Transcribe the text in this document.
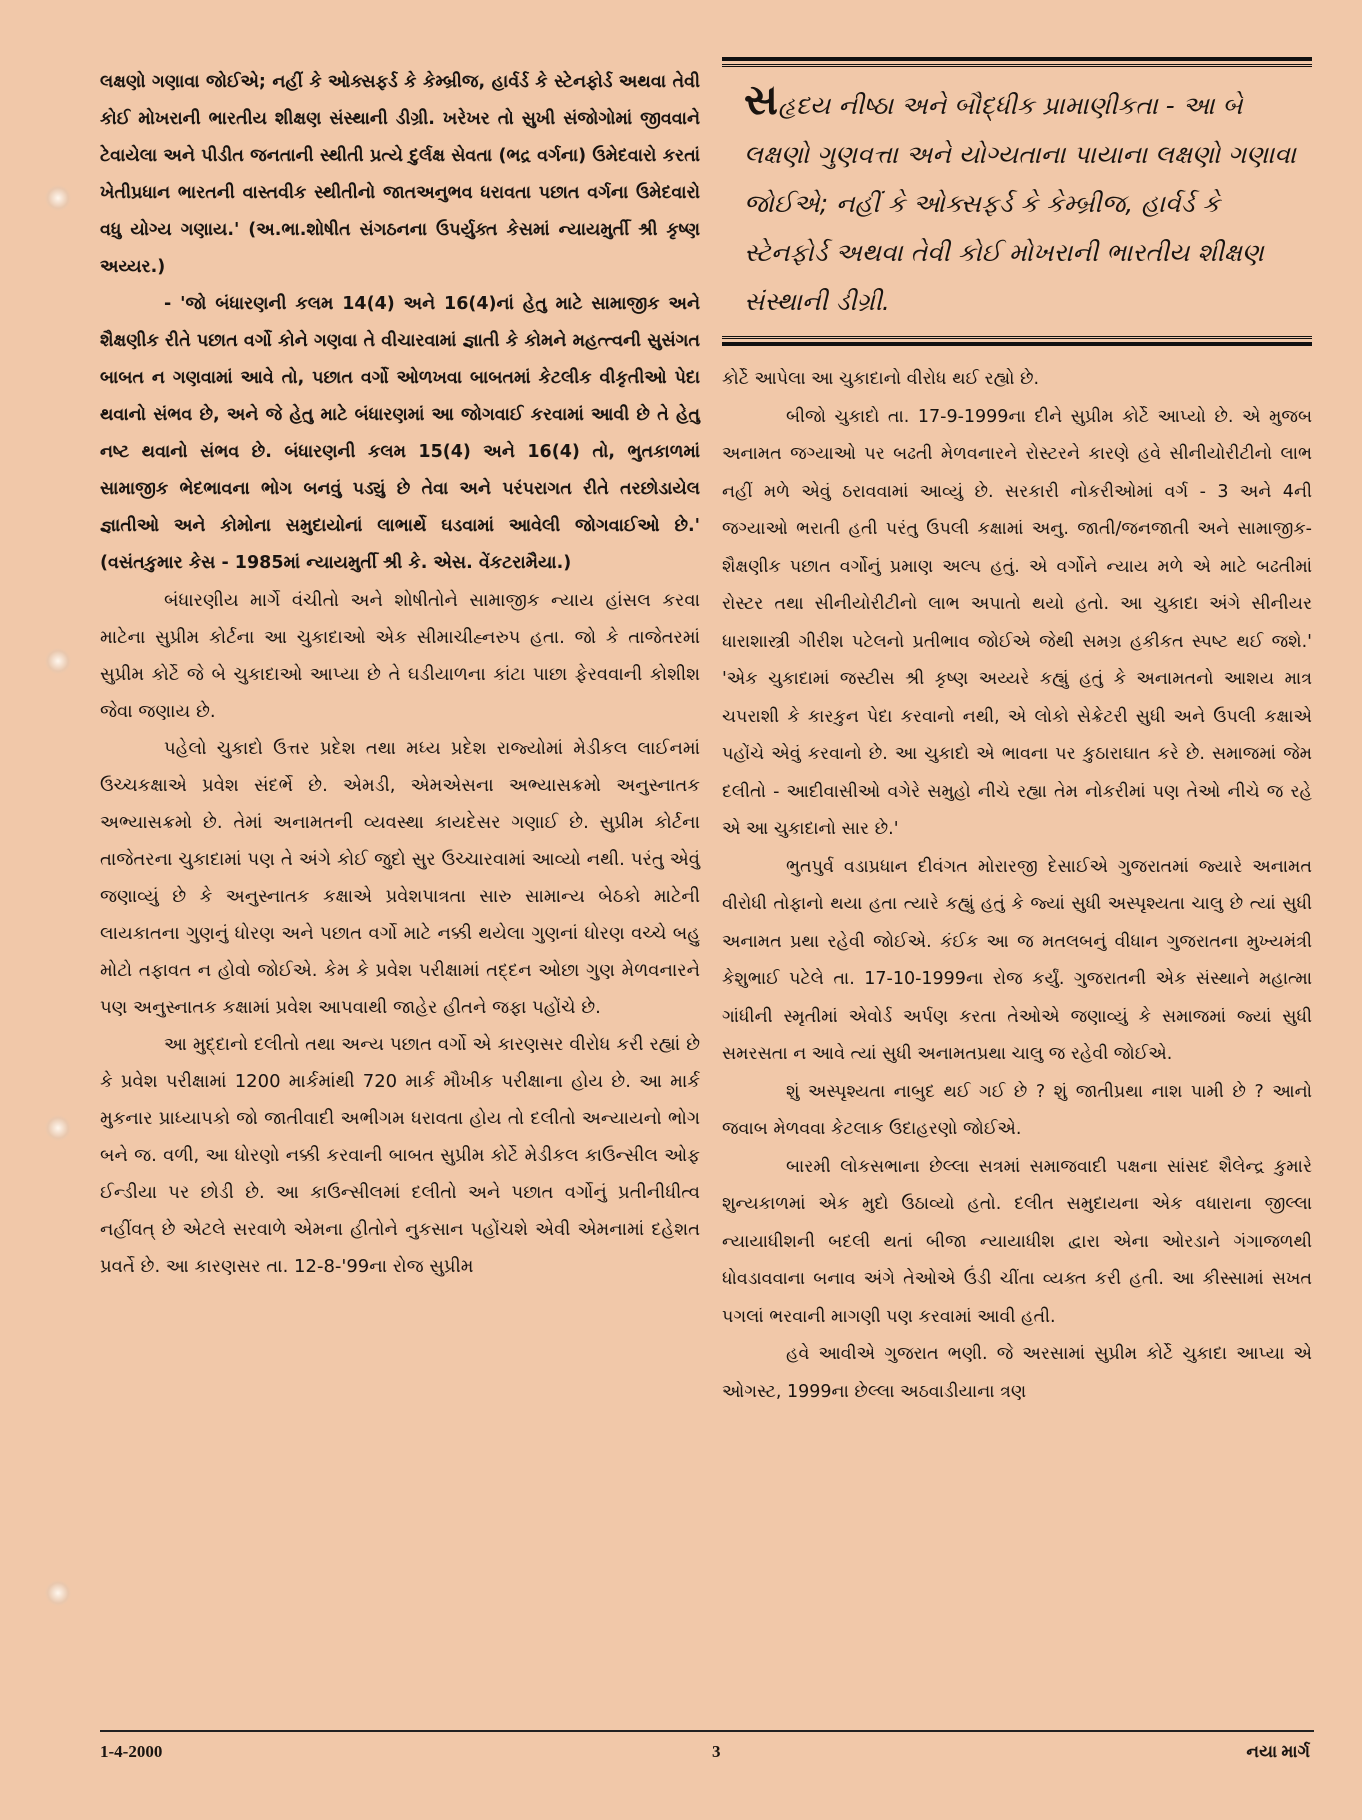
લક્ષણો ગણાવા જોઈએ; નહીં કે ઓક્સફર્ડ કે કેમ્બ્રીજ, હાર્વર્ડ કે સ્ટેનફોર્ડ અથવા તેવી કોઈ મોખરાની ભારતીય શીક્ષણ સંસ્થાની ડીગ્રી. ખરેખર તો સુખી સંજોગોમાં જીવવાને ટેવાયેલા અને પીડીત જનતાની સ્થીતી પ્રત્યે દુર્લક્ષ સેવતા (ભદ્ર વર્ગના) ઉમેદવારો કરતાં ખેતીપ્રધાન ભારતની વાસ્તવીક સ્થીતીનો જાતઅનુભવ ધરાવતા પછાત વર્ગના ઉમેદવારો વધુ યોગ્ય ગણાય.' (અ.ભા.શોષીત સંગઠનના ઉપર્યુક્ત કેસમાં ન્યાયમુર્તી શ્રી કૃષ્ણ અય્યર.)

- 'જો બંધારણની કલમ 14(4) અને 16(4)નાં હેતુ માટે સામાજીક અને શૈક્ષણીક રીતે પછાત વર્ગો કોને ગણવા તે વીચારવામાં જ્ઞાતી કે કોમને મહત્ત્વની સુસંગત બાબત ન ગણવામાં આવે તો, પછાત વર્ગો ઓળખવા બાબતમાં કેટલીક વીકૃતીઓ પેદા થવાનો સંભવ છે, અને જે હેતુ માટે બંધારણમાં આ જોગવાઈ કરવામાં આવી છે તે હેતુ નષ્ટ થવાનો સંભવ છે. બંધારણની કલમ 15(4) અને 16(4) તો, ભુતકાળમાં સામાજીક ભેદભાવના ભોગ બનવું પડ્યું છે તેવા અને પરંપરાગત રીતે તરછોડાયેલ જ્ઞાતીઓ અને કોમોના સમુદાયોનાં લાભાર્થે ઘડવામાં આવેલી જોગવાઈઓ છે.' (વસંતકુમાર કેસ - 1985માં ન્યાયમુર્તી શ્રી કે. એસ. વેંકટરામૈયા.)

બંધારણીય માર્ગે વંચીતો અને શોષીતોને સામાજીક ન્યાય હાંસલ કરવા માટેના સુપ્રીમ કોર્ટના આ ચુકાદાઓ એક સીમાચીહ્નરુપ હતા. જો કે તાજેતરમાં સુપ્રીમ કોર્ટે જે બે ચુકાદાઓ આપ્યા છે તે ઘડીયાળના કાંટા પાછા ફેરવવાની કોશીશ જેવા જણાય છે.

પહેલો ચુકાદો ઉત્તર પ્રદેશ તથા મધ્ય પ્રદેશ રાજ્યોમાં મેડીકલ લાઈનમાં ઉચ્ચકક્ષાએ પ્રવેશ સંદર્ભે છે. એમડી, એમએસના અભ્યાસક્રમો અનુસ્નાતક અભ્યાસક્રમો છે. તેમાં અનામતની વ્યવસ્થા કાયદેસર ગણાઈ છે. સુપ્રીમ કોર્ટના તાજેતરના ચુકાદામાં પણ તે અંગે કોઈ જુદો સુર ઉચ્ચારવામાં આવ્યો નથી. પરંતુ એવું જણાવ્યું છે કે અનુસ્નાતક કક્ષાએ પ્રવેશપાત્રતા સારુ સામાન્ય બેઠકો માટેની લાયકાતના ગુણનું ધોરણ અને પછાત વર્ગો માટે નક્કી થયેલા ગુણનાં ધોરણ વચ્ચે બહુ મોટો તફાવત ન હોવો જોઈએ. કેમ કે પ્રવેશ પરીક્ષામાં તદ્દન ઓછા ગુણ મેળવનારને પણ અનુસ્નાતક કક્ષામાં પ્રવેશ આપવાથી જાહેર હીતને જફા પહોંચે છે.

આ મુદ્દાનો દલીતો તથા અન્ય પછાત વર્ગો એ કારણસર વીરોધ કરી રહ્યાં છે કે પ્રવેશ પરીક્ષામાં 1200 માર્કમાંથી 720 માર્ક મૌખીક પરીક્ષાના હોય છે. આ માર્ક મુકનાર પ્રાધ્યાપકો જો જાતીવાદી અભીગમ ધરાવતા હોય તો દલીતો અન્યાયનો ભોગ બને જ. વળી, આ ધોરણો નક્કી કરવાની બાબત સુપ્રીમ કોર્ટે મેડીકલ કાઉન્સીલ ઓફ ઈન્ડીયા પર છોડી છે. આ કાઉન્સીલમાં દલીતો અને પછાત વર્ગોનું પ્રતીનીધીત્વ નહીંવત્ છે એટલે સરવાળે એમના હીતોને નુકસાન પહોંચશે એવી એમનામાં દહેશત પ્રવર્તે છે. આ કારણસર તા. 12-8-'99ના રોજ સુપ્રીમ

સહૃદય નીષ્ઠા અને બૌદ્ધીક પ્રામાણીકતા - આ બે લક્ષણો ગુણવત્તા અને યોગ્યતાના પાયાના લક્ષણો ગણાવા જોઈએ; નહીં કે ઓક્સફર્ડ કે કેમ્બ્રીજ, હાર્વર્ડ કે સ્ટેનફોર્ડ અથવા તેવી કોઈ મોખરાની ભારતીય શીક્ષણ સંસ્થાની ડીગ્રી.

કોર્ટે આપેલા આ ચુકાદાનો વીરોધ થઈ રહ્યો છે.

બીજો ચુકાદો તા. 17-9-1999ના દીને સુપ્રીમ કોર્ટે આપ્યો છે. એ મુજબ અનામત જગ્યાઓ પર બઢતી મેળવનારને રોસ્ટરને કારણે હવે સીનીયોરીટીનો લાભ નહીં મળે એવું ઠરાવવામાં આવ્યું છે. સરકારી નોકરીઓમાં વર્ગ - 3 અને 4ની જગ્યાઓ ભરાતી હતી પરંતુ ઉપલી કક્ષામાં અનુ. જાતી/જનજાતી અને સામાજીક-શૈક્ષણીક પછાત વર્ગોનું પ્રમાણ અલ્પ હતું. એ વર્ગોને ન્યાય મળે એ માટે બઢતીમાં રોસ્ટર તથા સીનીયોરીટીનો લાભ અપાતો થયો હતો. આ ચુકાદા અંગે સીનીયર ધારાશાસ્ત્રી ગીરીશ પટેલનો પ્રતીભાવ જોઈએ જેથી સમગ્ર હકીકત સ્પષ્ટ થઈ જશે.' 'એક ચુકાદામાં જસ્ટીસ શ્રી કૃષ્ણ અય્યરે કહ્યું હતું કે અનામતનો આશય માત્ર ચપરાશી કે કારકુન પેદા કરવાનો નથી, એ લોકો સેક્રેટરી સુધી અને ઉપલી કક્ષાએ પહોંચે એવું કરવાનો છે. આ ચુકાદો એ ભાવના પર કુઠારાઘાત કરે છે. સમાજમાં જેમ દલીતો - આદીવાસીઓ વગેરે સમુહો નીચે રહ્યા તેમ નોકરીમાં પણ તેઓ નીચે જ રહે એ આ ચુકાદાનો સાર છે.'

ભુતપુર્વ વડાપ્રધાન દીવંગત મોરારજી દેસાઈએ ગુજરાતમાં જ્યારે અનામત વીરોધી તોફાનો થયા હતા ત્યારે કહ્યું હતું કે જ્યાં સુધી અસ્પૃશ્યતા ચાલુ છે ત્યાં સુધી અનામત પ્રથા રહેવી જોઈએ. કંઈક આ જ મતલબનું વીધાન ગુજરાતના મુખ્યમંત્રી કેશુભાઈ પટેલે તા. 17-10-1999ના રોજ કર્યું. ગુજરાતની એક સંસ્થાને મહાત્મા ગાંધીની સ્મૃતીમાં એવોર્ડ અર્પણ કરતા તેઓએ જણાવ્યું કે સમાજમાં જ્યાં સુધી સમરસતા ન આવે ત્યાં સુધી અનામતપ્રથા ચાલુ જ રહેવી જોઈએ.

શું અસ્પૃશ્યતા નાબુદ થઈ ગઈ છે ? શું જાતીપ્રથા નાશ પામી છે ? આનો જવાબ મેળવવા કેટલાક ઉદાહરણો જોઈએ.

બારમી લોકસભાના છેલ્લા સત્રમાં સમાજવાદી પક્ષના સાંસદ શૈલેન્દ્ર કુમારે શુન્યકાળમાં એક મુદો ઉઠાવ્યો હતો. દલીત સમુદાયના એક વધારાના જીલ્લા ન્યાયાધીશની બદલી થતાં બીજા ન્યાયાધીશ દ્વારા એના ઓરડાને ગંગાજળથી ધોવડાવવાના બનાવ અંગે તેઓએ ઉંડી ચીંતા વ્યક્ત કરી હતી. આ કીસ્સામાં સખત પગલાં ભરવાની માગણી પણ કરવામાં આવી હતી.

હવે આવીએ ગુજરાત ભણી. જે અરસામાં સુપ્રીમ કોર્ટે ચુકાદા આપ્યા એ ઓગસ્ટ, 1999ના છેલ્લા અઠવાડીયાના ત્રણ

1-4-2000	3	નયા માર્ગ
